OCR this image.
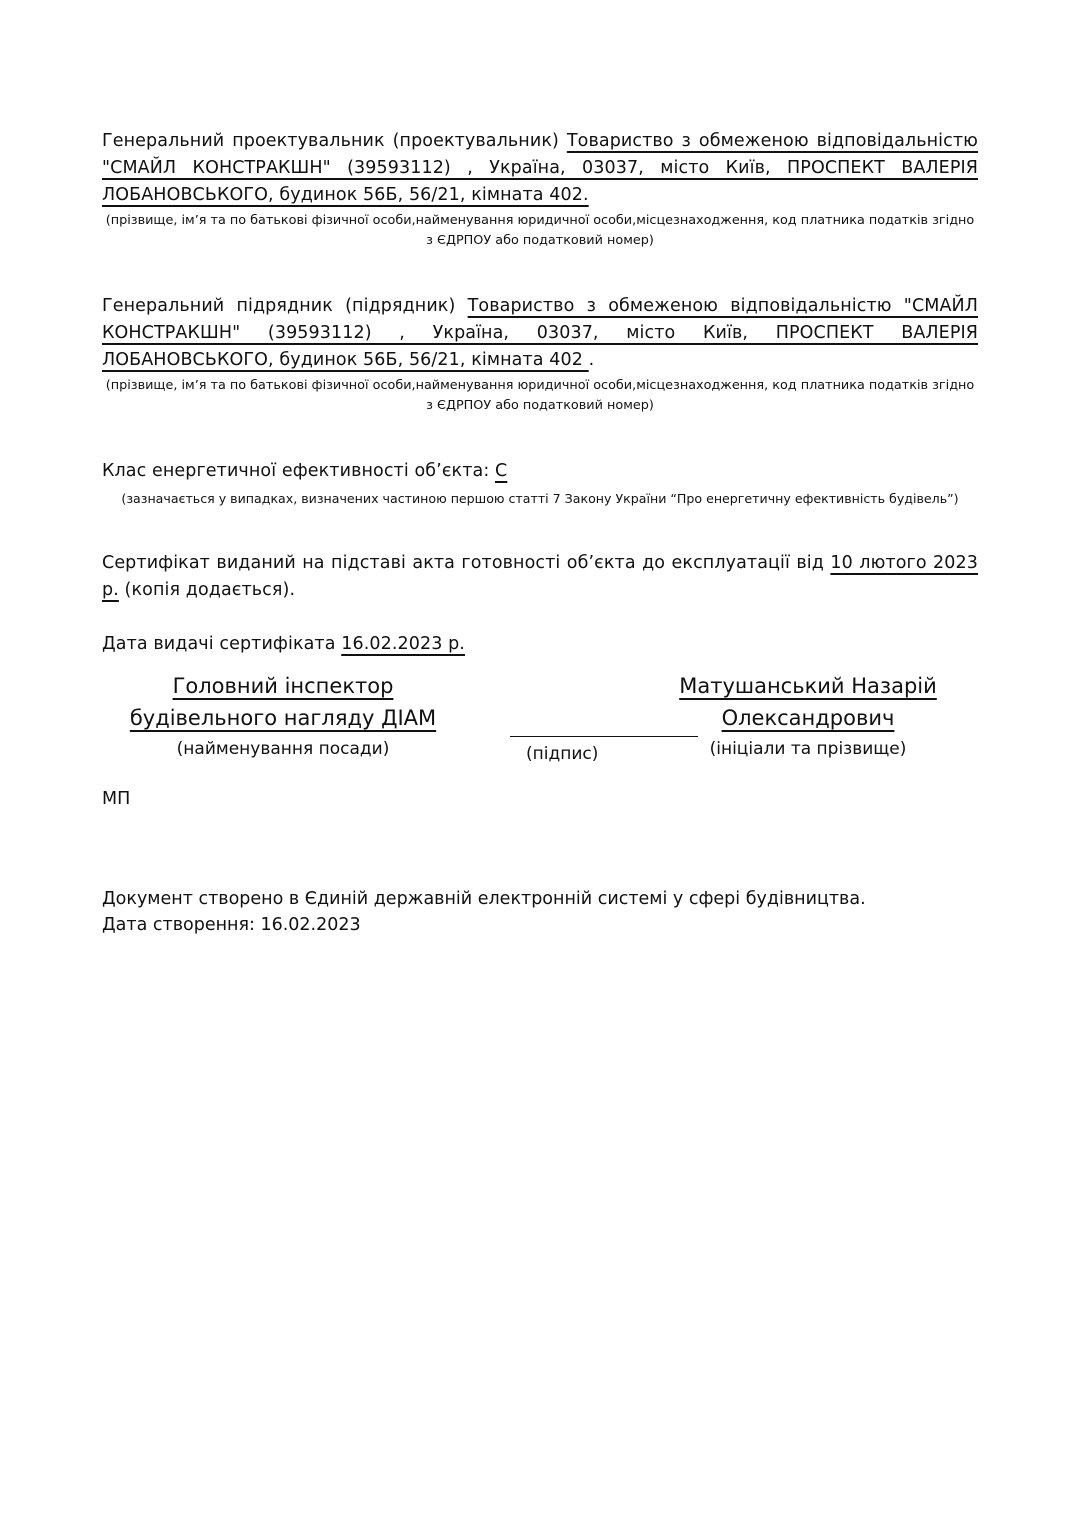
Генеральний проектувальник (проектувальник) Товариство з обмеженою відповідальністю "СМАЙЛ КОНСТРАКШН" (39593112) , Україна, 03037, місто Київ, ПРОСПЕКТ ВАЛЕРІЯ ЛОБАНОВСЬКОГО, будинок 56Б, 56/21, кімната 402.
(прізвище, ім’я та по батькові фізичної особи,найменування юридичної особи,місцезнаходження, код платника податків згідно з ЄДРПОУ або податковий номер)
Генеральний підрядник (підрядник) Товариство з обмеженою відповідальністю "СМАЙЛ КОНСТРАКШН" (39593112) , Україна, 03037, місто Київ, ПРОСПЕКТ ВАЛЕРІЯ ЛОБАНОВСЬКОГО, будинок 56Б, 56/21, кімната 402 .
(прізвище, ім’я та по батькові фізичної особи,найменування юридичної особи,місцезнаходження, код платника податків згідно з ЄДРПОУ або податковий номер)
Клас енергетичної ефективності об’єкта: C
(зазначається у випадках, визначених частиною першою статті 7 Закону України “Про енергетичну ефективність будівель”)
Сертифікат виданий на підставі акта готовності об’єкта до експлуатації від 10 лютого 2023 р. (копія додається).
Дата видачі сертифіката 16.02.2023 р.
Головний інспектор
будівельного нагляду ДІАМ
(найменування посади)	(підпис)
Матушанський Назарій
Олександрович
(ініціали та прізвище)
МП
Документ створено в Єдиній державній електронній системі у сфері будівництва.
Дата створення: 16.02.2023
